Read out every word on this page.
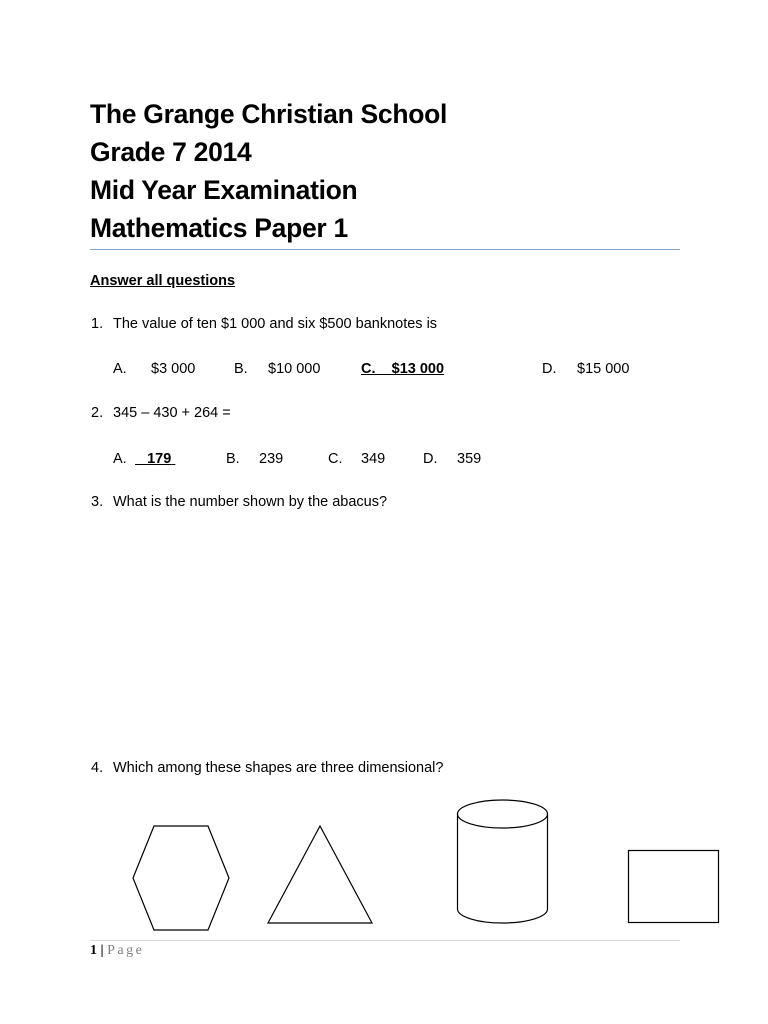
The Grange Christian School
Grade 7 2014
Mid Year Examination
Mathematics Paper 1
Answer all questions
1. The value of ten $1 000 and six $500 banknotes is
A. $3 000	B. $10 000	C. $13 000	D. $15 000
2. 345 – 430 + 264 =
A.	179	B. 239	C. 349	D. 359
3. What is the number shown by the abacus?
4. Which among these shapes are three dimensional?
1 | Page
